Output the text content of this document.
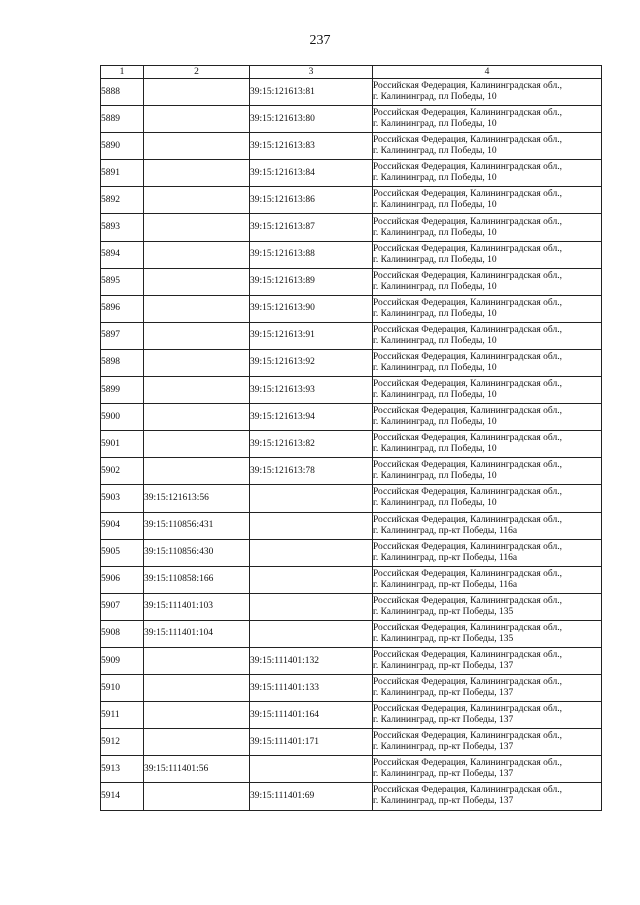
237
1	2	3	4
5888		39:15:121613:81	Российская Федерация, Калининградская обл.,
г. Калининград, пл Победы, 10

5889		39:15:121613:80	Российская Федерация, Калининградская обл.,
г. Калининград, пл Победы, 10

5890		39:15:121613:83	Российская Федерация, Калининградская обл.,
г. Калининград, пл Победы, 10

5891		39:15:121613:84	Российская Федерация, Калининградская обл.,
г. Калининград, пл Победы, 10

5892		39:15:121613:86	Российская Федерация, Калининградская обл.,
г. Калининград, пл Победы, 10

5893		39:15:121613:87	Российская Федерация, Калининградская обл.,
г. Калининград, пл Победы, 10

5894		39:15:121613:88	Российская Федерация, Калининградская обл.,
г. Калининград, пл Победы, 10

5895		39:15:121613:89	Российская Федерация, Калининградская обл.,
г. Калининград, пл Победы, 10

5896		39:15:121613:90	Российская Федерация, Калининградская обл.,
г. Калининград, пл Победы, 10

5897		39:15:121613:91	Российская Федерация, Калининградская обл.,
г. Калининград, пл Победы, 10

5898		39:15:121613:92	Российская Федерация, Калининградская обл.,
г. Калининград, пл Победы, 10

5899		39:15:121613:93	Российская Федерация, Калининградская обл.,
г. Калининград, пл Победы, 10

5900		39:15:121613:94	Российская Федерация, Калининградская обл.,
г. Калининград, пл Победы, 10

5901		39:15:121613:82	Российская Федерация, Калининградская обл.,
г. Калининград, пл Победы, 10

5902		39:15:121613:78	Российская Федерация, Калининградская обл.,
г. Калининград, пл Победы, 10

5903	39:15:121613:56		Российская Федерация, Калининградская обл.,
г. Калининград, пл Победы, 10

5904	39:15:110856:431		Российская Федерация, Калининградская обл.,
г. Калининград, пр-кт Победы, 116а

5905	39:15:110856:430		Российская Федерация, Калининградская обл.,
г. Калининград, пр-кт Победы, 116а

5906	39:15:110858:166		Российская Федерация, Калининградская обл.,
г. Калининград, пр-кт Победы, 116а

5907	39:15:111401:103		Российская Федерация, Калининградская обл.,
г. Калининград, пр-кт Победы, 135

5908	39:15:111401:104		Российская Федерация, Калининградская обл.,
г. Калининград, пр-кт Победы, 135

5909		39:15:111401:132	Российская Федерация, Калининградская обл.,
г. Калининград, пр-кт Победы, 137

5910		39:15:111401:133	Российская Федерация, Калининградская обл.,
г. Калининград, пр-кт Победы, 137

5911		39:15:111401:164	Российская Федерация, Калининградская обл.,
г. Калининград, пр-кт Победы, 137

5912		39:15:111401:171	Российская Федерация, Калининградская обл.,
г. Калининград, пр-кт Победы, 137

5913	39:15:111401:56		Российская Федерация, Калининградская обл.,
г. Калининград, пр-кт Победы, 137

5914		39:15:111401:69	Российская Федерация, Калининградская обл.,
г. Калининград, пр-кт Победы, 137
